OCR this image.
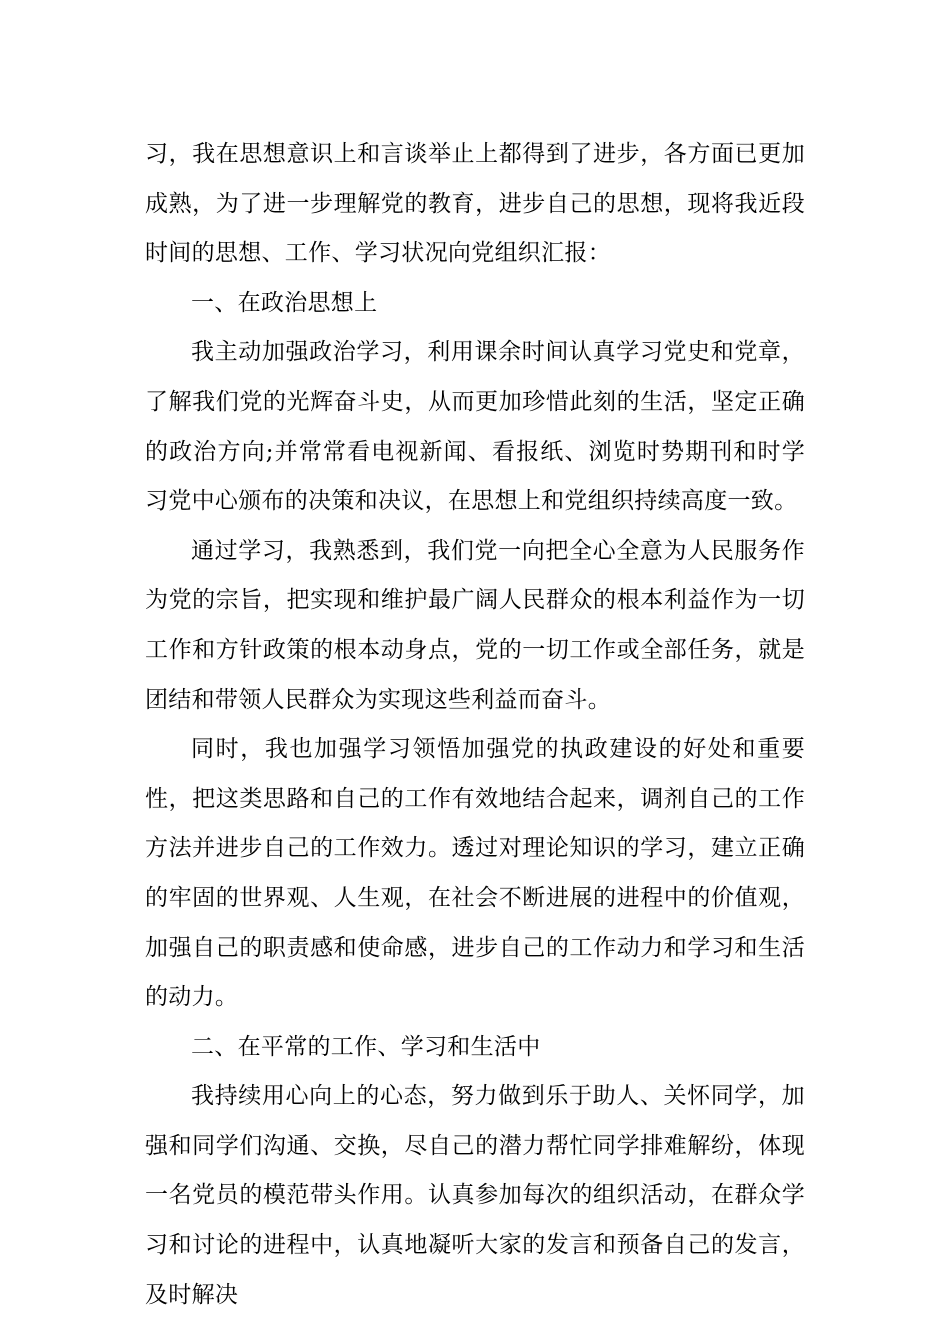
习，我在思想意识上和言谈举止上都得到了进步，各方面已更加成熟，为了进一步理解党的教育，进步自己的思想，现将我近段时间的思想、工作、学习状况向党组织汇报：

一、在政治思想上

我主动加强政治学习，利用课余时间认真学习党史和党章，了解我们党的光辉奋斗史，从而更加珍惜此刻的生活，坚定正确的政治方向;并常常看电视新闻、看报纸、浏览时势期刊和时学习党中心颁布的决策和决议，在思想上和党组织持续高度一致。

通过学习，我熟悉到，我们党一向把全心全意为人民服务作为党的宗旨，把实现和维护最广阔人民群众的根本利益作为一切工作和方针政策的根本动身点，党的一切工作或全部任务，就是团结和带领人民群众为实现这些利益而奋斗。

同时，我也加强学习领悟加强党的执政建设的好处和重要性，把这类思路和自己的工作有效地结合起来，调剂自己的工作方法并进步自己的工作效力。透过对理论知识的学习，建立正确的牢固的世界观、人生观，在社会不断进展的进程中的价值观，加强自己的职责感和使命感，进步自己的工作动力和学习和生活的动力。

二、在平常的工作、学习和生活中

我持续用心向上的心态，努力做到乐于助人、关怀同学，加强和同学们沟通、交换，尽自己的潜力帮忙同学排难解纷，体现一名党员的模范带头作用。认真参加每次的组织活动，在群众学习和讨论的进程中，认真地凝听大家的发言和预备自己的发言，及时解决
